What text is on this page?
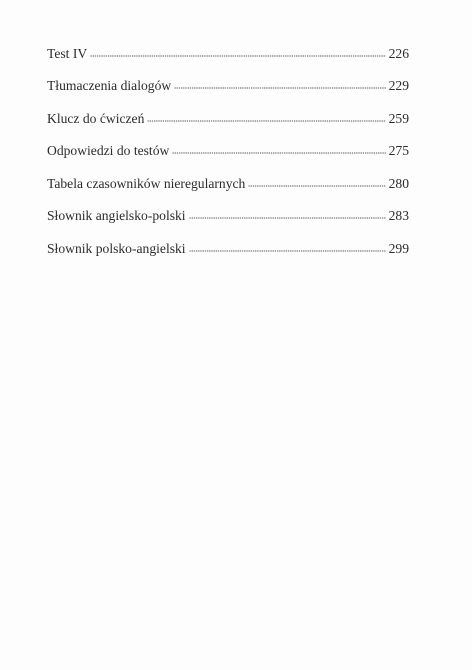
Test IV	226
Tłumaczenia dialogów	229
Klucz do ćwiczeń	259
Odpowiedzi do testów	275
Tabela czasowników nieregularnych	280
Słownik angielsko-polski	283
Słownik polsko-angielski	299
